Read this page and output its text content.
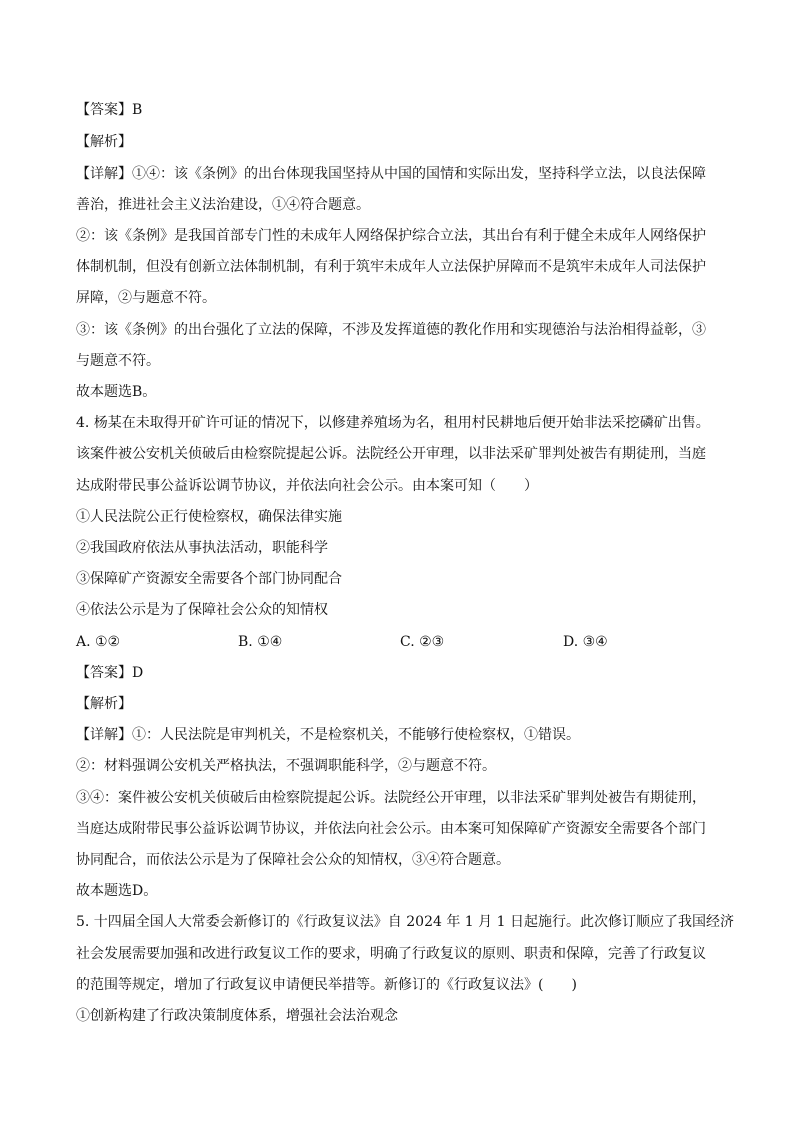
【答案】B
【解析】
【详解】①④：该《条例》的出台体现我国坚持从中国的国情和实际出发，坚持科学立法，以良法保障
善治，推进社会主义法治建设，①④符合题意。
②：该《条例》是我国首部专门性的未成年人网络保护综合立法，其出台有利于健全未成年人网络保护
体制机制，但没有创新立法体制机制，有利于筑牢未成年人立法保护屏障而不是筑牢未成年人司法保护
屏障，②与题意不符。
③：该《条例》的出台强化了立法的保障，不涉及发挥道德的教化作用和实现德治与法治相得益彰，③
与题意不符。
故本题选B。
4. 杨某在未取得开矿许可证的情况下，以修建养殖场为名，租用村民耕地后便开始非法采挖磷矿出售。
该案件被公安机关侦破后由检察院提起公诉。法院经公开审理，以非法采矿罪判处被告有期徒刑，当庭
达成附带民事公益诉讼调节协议，并依法向社会公示。由本案可知（　　）
①人民法院公正行使检察权，确保法律实施
②我国政府依法从事执法活动，职能科学
③保障矿产资源安全需要各个部门协同配合
④依法公示是为了保障社会公众的知情权
A. ①②	B. ①④	C. ②③	D. ③④
【答案】D
【解析】
【详解】①：人民法院是审判机关，不是检察机关，不能够行使检察权，①错误。
②：材料强调公安机关严格执法，不强调职能科学，②与题意不符。
③④：案件被公安机关侦破后由检察院提起公诉。法院经公开审理，以非法采矿罪判处被告有期徒刑，
当庭达成附带民事公益诉讼调节协议，并依法向社会公示。由本案可知保障矿产资源安全需要各个部门
协同配合，而依法公示是为了保障社会公众的知情权，③④符合题意。
故本题选D。
5. 十四届全国人大常委会新修订的《行政复议法》自 2024 年 1 月 1 日起施行。此次修订顺应了我国经济
社会发展需要加强和改进行政复议工作的要求，明确了行政复议的原则、职责和保障，完善了行政复议
的范围等规定，增加了行政复议申请便民举措等。新修订的《行政复议法》(　　)
①创新构建了行政决策制度体系，增强社会法治观念
